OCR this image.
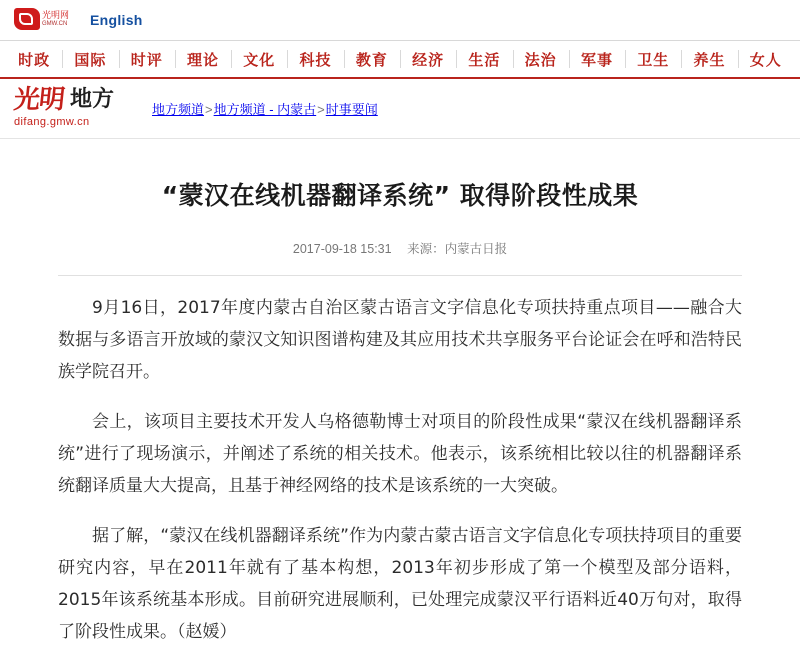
光明网
GMW.CN English
时政	国际	时评	理论	文化	科技	教育	经济	生活	法治	军事	卫生	养生	女人
光明 地方
difang.gmw.cn
地方频道>地方频道 - 内蒙古>时事要闻
“蒙汉在线机器翻译系统” 取得阶段性成果
2017-09-18 15:31 来源：内蒙古日报

9月16日，2017年度内蒙古自治区蒙古语言文字信息化专项扶持重点项目——融合大数据与多语言开放域的蒙汉文知识图谱构建及其应用技术共享服务平台论证会在呼和浩特民族学院召开。

会上，该项目主要技术开发人乌格德勒博士对项目的阶段性成果“蒙汉在线机器翻译系统”进行了现场演示，并阐述了系统的相关技术。他表示，该系统相比较以往的机器翻译系统翻译质量大大提高，且基于神经网络的技术是该系统的一大突破。

据了解，“蒙汉在线机器翻译系统”作为内蒙古蒙古语言文字信息化专项扶持项目的重要研究内容，早在2011年就有了基本构想，2013年初步形成了第一个模型及部分语料，2015年该系统基本形成。目前研究进展顺利，已处理完成蒙汉平行语料近40万句对，取得了阶段性成果。（赵媛）
